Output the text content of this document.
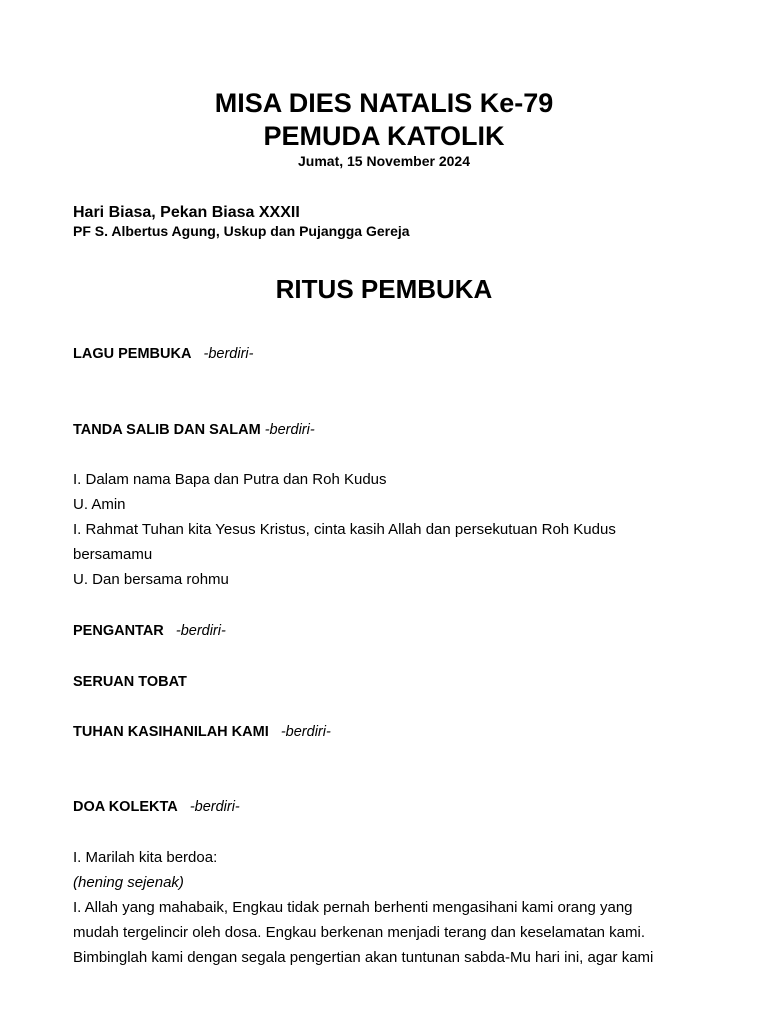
MISA DIES NATALIS Ke-79
PEMUDA KATOLIK
Jumat, 15 November 2024
Hari Biasa, Pekan Biasa XXXII
PF S. Albertus Agung, Uskup dan Pujangga Gereja
RITUS PEMBUKA
LAGU PEMBUKA -berdiri-
TANDA SALIB DAN SALAM -berdiri-
I. Dalam nama Bapa dan Putra dan Roh Kudus
U. Amin
I. Rahmat Tuhan kita Yesus Kristus, cinta kasih Allah dan persekutuan Roh Kudus
bersamamu
U. Dan bersama rohmu
PENGANTAR -berdiri-
SERUAN TOBAT
TUHAN KASIHANILAH KAMI -berdiri-
DOA KOLEKTA -berdiri-
I. Marilah kita berdoa:
(hening sejenak)
I. Allah yang mahabaik, Engkau tidak pernah berhenti mengasihani kami orang yang
mudah tergelincir oleh dosa. Engkau berkenan menjadi terang dan keselamatan kami.
Bimbinglah kami dengan segala pengertian akan tuntunan sabda-Mu hari ini, agar kami
